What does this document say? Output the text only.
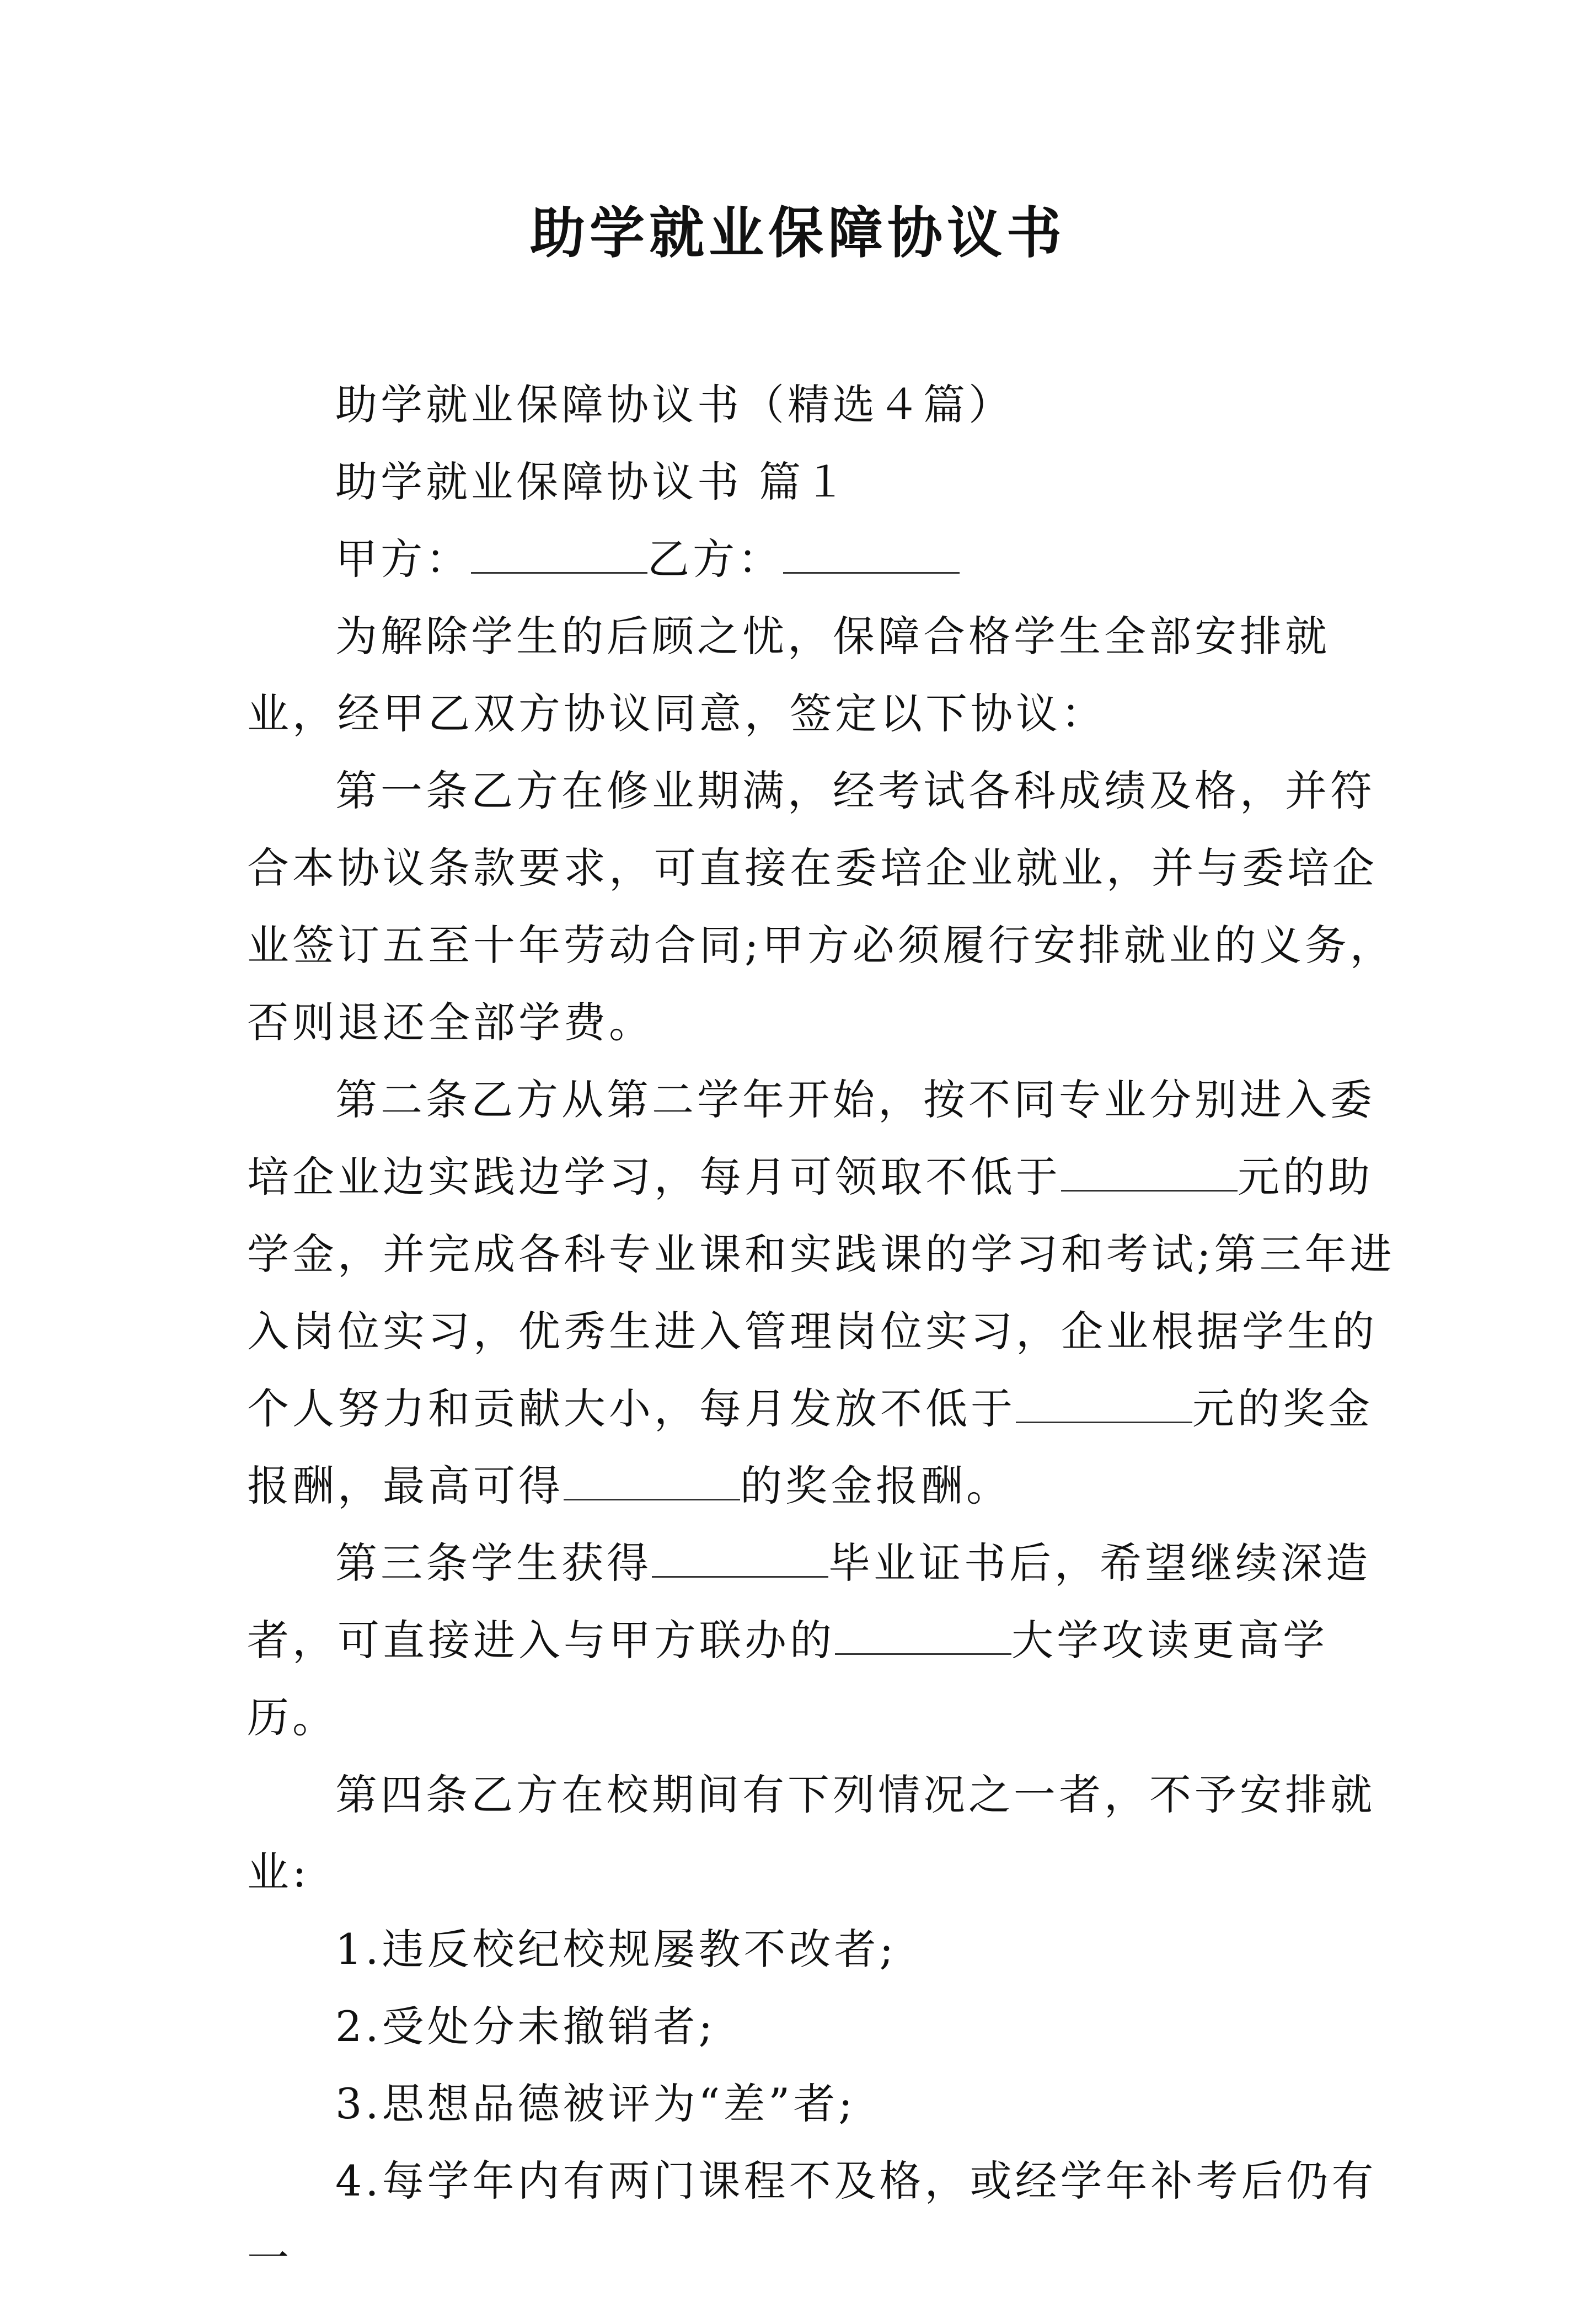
助学就业保障协议书

助学就业保障协议书（精选４篇）

助学就业保障协议书 篇１

甲方：	乙方：

为解除学生的后顾之忧，保障合格学生全部安排就业，经甲乙双方协议同意，签定以下协议：

第一条乙方在修业期满，经考试各科成绩及格，并符合本协议条款要求，可直接在委培企业就业，并与委培企业签订五至十年劳动合同;甲方必须履行安排就业的义务，否则退还全部学费。

第二条乙方从第二学年开始，按不同专业分别进入委培企业边实践边学习，每月可领取不低于	元的助学金，并完成各科专业课和实践课的学习和考试;第三年进入岗位实习，优秀生进入管理岗位实习，企业根据学生的个人努力和贡献大小，每月发放不低于	元的奖金报酬，最高可得	的奖金报酬。

第三条学生获得	毕业证书后，希望继续深造者，可直接进入与甲方联办的	大学攻读更高学历。

第四条乙方在校期间有下列情况之一者，不予安排就业:

1.违反校纪校规屡教不改者;

2.受处分未撤销者;

3.思想品德被评为“差”者;

4.每学年内有两门课程不及格，或经学年补考后仍有一
